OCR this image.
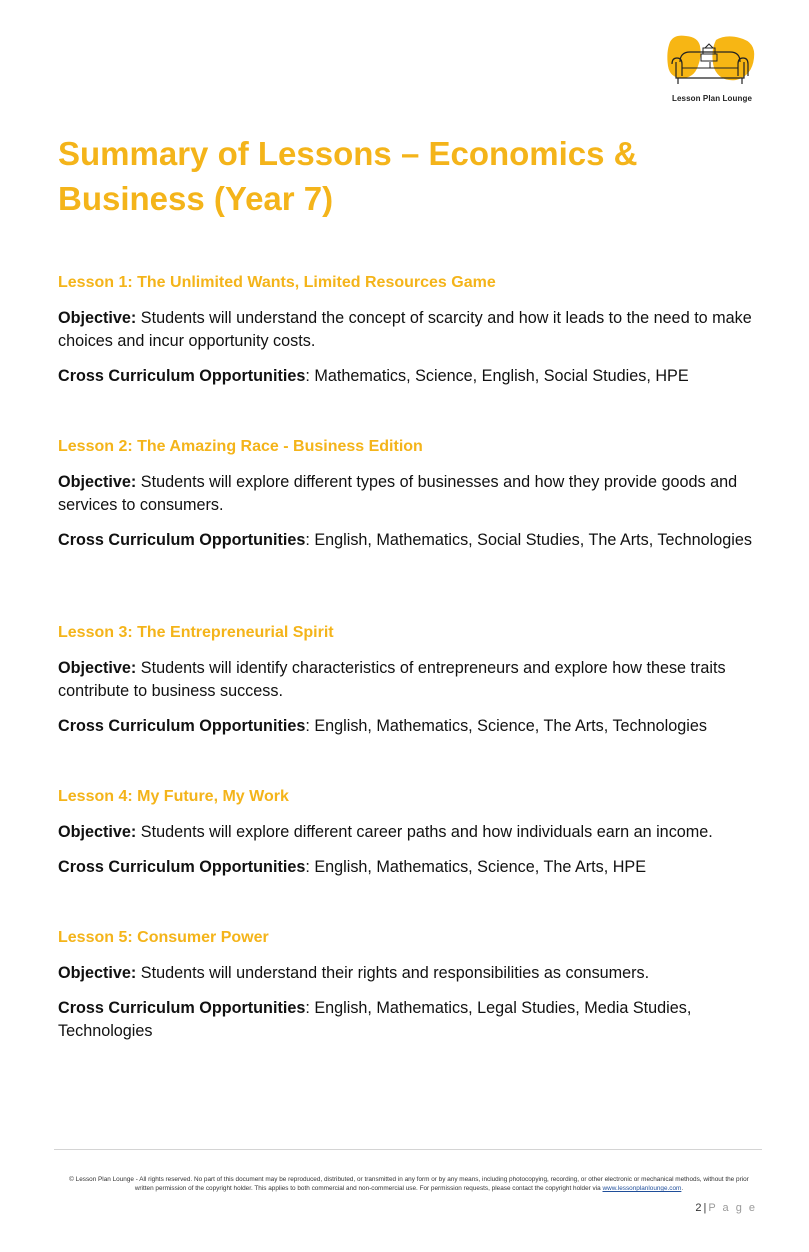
Lesson Plan Lounge
Summary of Lessons – Economics & Business (Year 7)
Lesson 1: The Unlimited Wants, Limited Resources Game

Objective: Students will understand the concept of scarcity and how it leads to the need to make choices and incur opportunity costs.

Cross Curriculum Opportunities: Mathematics, Science, English, Social Studies, HPE

Lesson 2: The Amazing Race - Business Edition

Objective: Students will explore different types of businesses and how they provide goods and services to consumers.

Cross Curriculum Opportunities: English, Mathematics, Social Studies, The Arts, Technologies

Lesson 3: The Entrepreneurial Spirit

Objective: Students will identify characteristics of entrepreneurs and explore how these traits contribute to business success.

Cross Curriculum Opportunities: English, Mathematics, Science, The Arts, Technologies

Lesson 4: My Future, My Work

Objective: Students will explore different career paths and how individuals earn an income.

Cross Curriculum Opportunities: English, Mathematics, Science, The Arts, HPE

Lesson 5: Consumer Power

Objective: Students will understand their rights and responsibilities as consumers.

Cross Curriculum Opportunities: English, Mathematics, Legal Studies, Media Studies, Technologies

© Lesson Plan Lounge - All rights reserved. No part of this document may be reproduced, distributed, or transmitted in any form or by any means, including photocopying, recording, or other electronic or mechanical methods, without the prior written permission of the copyright holder. This applies to both commercial and non-commercial use. For permission requests, please contact the copyright holder via www.lessonplanlounge.com.
2|P a g e
